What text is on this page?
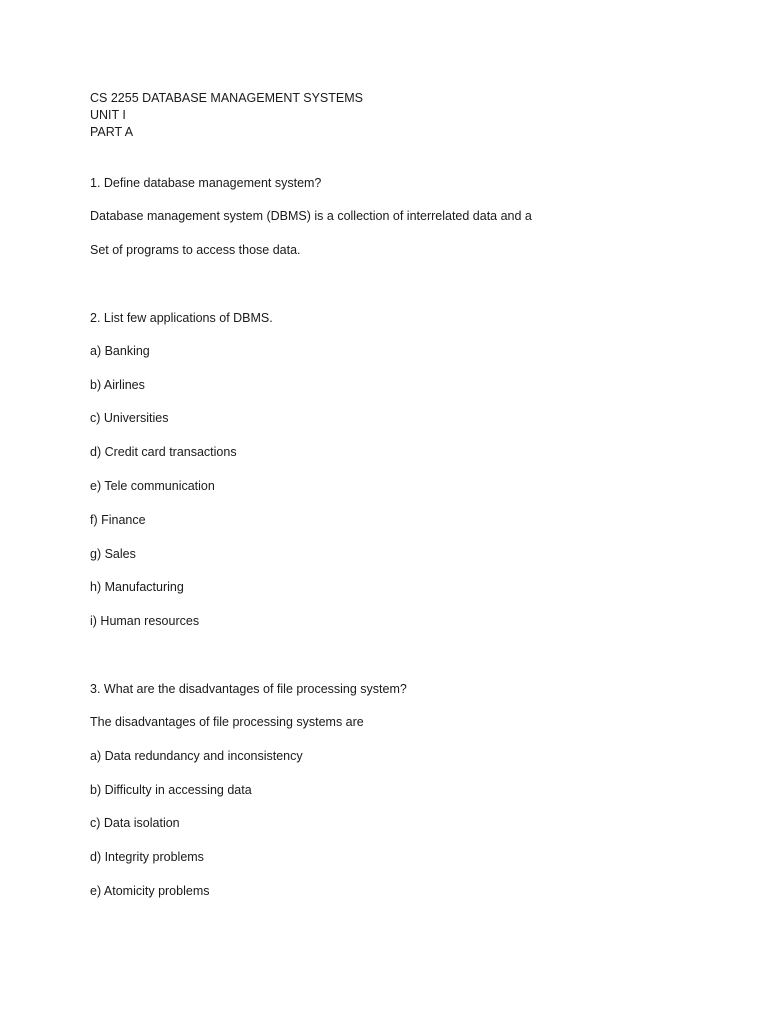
CS 2255 DATABASE MANAGEMENT SYSTEMS
UNIT I
PART A
1. Define database management system?
Database management system (DBMS) is a collection of interrelated data and a
Set of programs to access those data.
2. List few applications of DBMS.
a) Banking
b) Airlines
c) Universities
d) Credit card transactions
e) Tele communication
f) Finance
g) Sales
h) Manufacturing
i) Human resources
3. What are the disadvantages of file processing system?
The disadvantages of file processing systems are
a) Data redundancy and inconsistency
b) Difficulty in accessing data
c) Data isolation
d) Integrity problems
e) Atomicity problems
